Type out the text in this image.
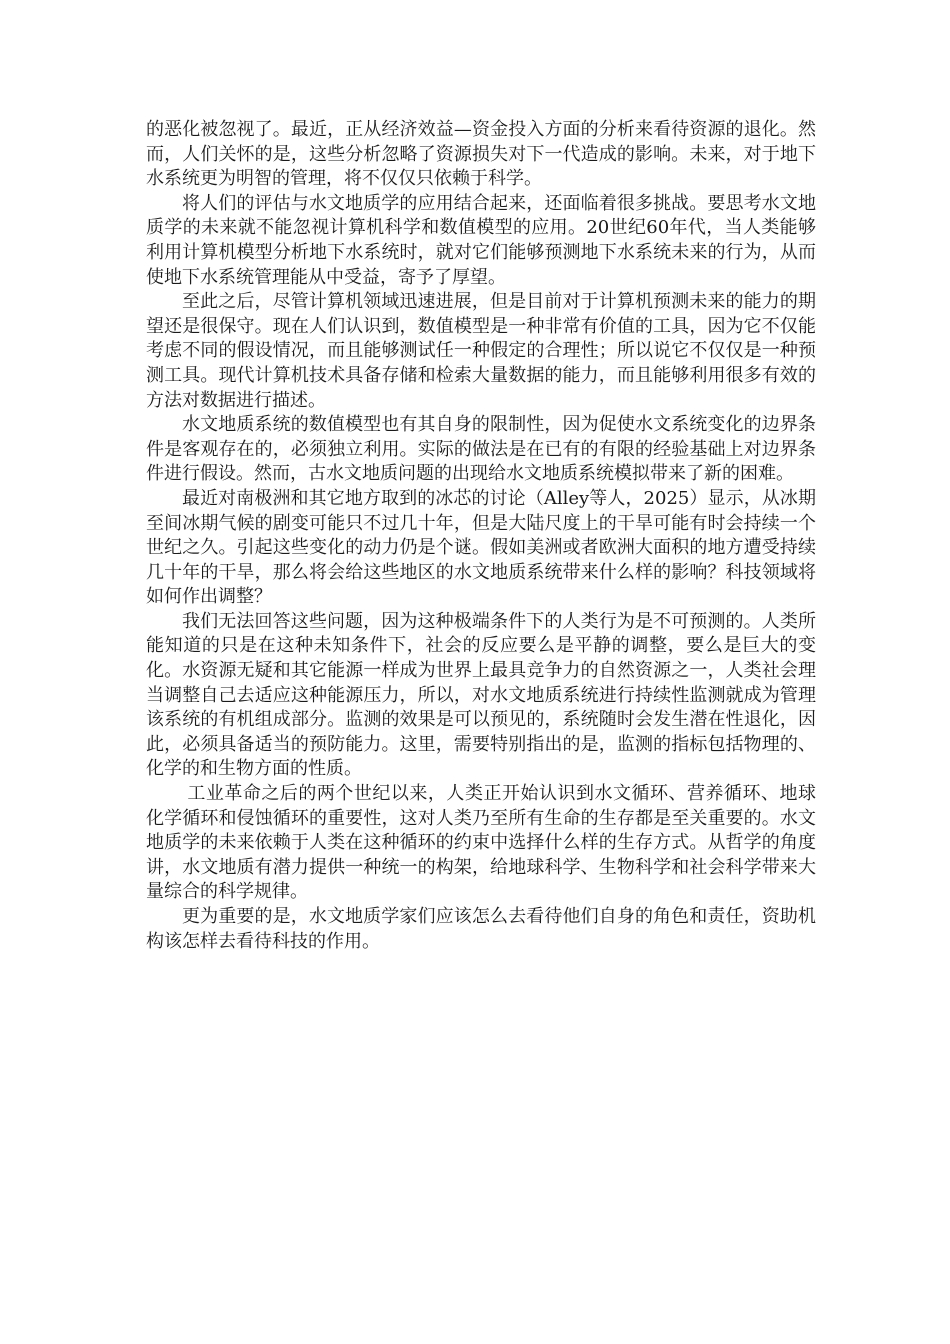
的恶化被忽视了。最近，正从经济效益—资金投入方面的分析来看待资源的退化。然而，人们关怀的是，这些分析忽略了资源损失对下一代造成的影响。未来，对于地下水系统更为明智的管理，将不仅仅只依赖于科学。

将人们的评估与水文地质学的应用结合起来，还面临着很多挑战。要思考水文地质学的未来就不能忽视计算机科学和数值模型的应用。20世纪60年代，当人类能够利用计算机模型分析地下水系统时，就对它们能够预测地下水系统未来的行为，从而使地下水系统管理能从中受益，寄予了厚望。

至此之后，尽管计算机领域迅速进展，但是目前对于计算机预测未来的能力的期望还是很保守。现在人们认识到，数值模型是一种非常有价值的工具，因为它不仅能考虑不同的假设情况，而且能够测试任一种假定的合理性；所以说它不仅仅是一种预测工具。现代计算机技术具备存储和检索大量数据的能力，而且能够利用很多有效的方法对数据进行描述。

水文地质系统的数值模型也有其自身的限制性，因为促使水文系统变化的边界条件是客观存在的，必须独立利用。实际的做法是在已有的有限的经验基础上对边界条件进行假设。然而，古水文地质问题的出现给水文地质系统模拟带来了新的困难。

最近对南极洲和其它地方取到的冰芯的讨论（Alley等人，2025）显示，从冰期至间冰期气候的剧变可能只不过几十年，但是大陆尺度上的干旱可能有时会持续一个世纪之久。引起这些变化的动力仍是个谜。假如美洲或者欧洲大面积的地方遭受持续几十年的干旱，那么将会给这些地区的水文地质系统带来什么样的影响？科技领域将如何作出调整？

我们无法回答这些问题，因为这种极端条件下的人类行为是不可预测的。人类所能知道的只是在这种未知条件下，社会的反应要么是平静的调整，要么是巨大的变化。水资源无疑和其它能源一样成为世界上最具竞争力的自然资源之一，人类社会理当调整自己去适应这种能源压力，所以，对水文地质系统进行持续性监测就成为管理该系统的有机组成部分。监测的效果是可以预见的，系统随时会发生潜在性退化，因此，必须具备适当的预防能力。这里，需要特别指出的是，监测的指标包括物理的、化学的和生物方面的性质。

工业革命之后的两个世纪以来，人类正开始认识到水文循环、营养循环、地球化学循环和侵蚀循环的重要性，这对人类乃至所有生命的生存都是至关重要的。水文地质学的未来依赖于人类在这种循环的约束中选择什么样的生存方式。从哲学的角度讲，水文地质有潜力提供一种统一的构架，给地球科学、生物科学和社会科学带来大量综合的科学规律。

更为重要的是，水文地质学家们应该怎么去看待他们自身的角色和责任，资助机构该怎样去看待科技的作用。
